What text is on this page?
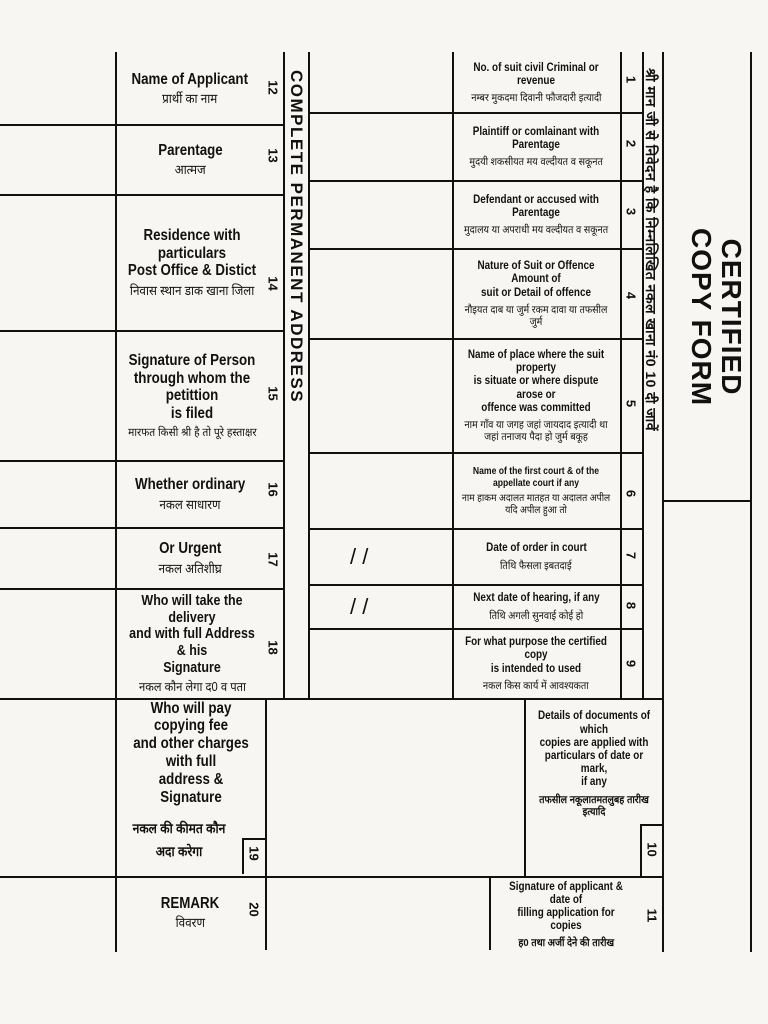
CERTIFIED
COPY FORM
श्री मान जी से निवेदन है कि निम्नलिखित नकल खाना नं0 10 दी जावें
COMPLETE PERMANENT ADDRESS
No. of suit civil Criminal or revenue
नम्बर मुकदमा दिवानी फौजदारी इत्यादी
Plaintiff or comlainant with Parentage
मुदयी शकसीयत मय वल्दीयत व सकूनत
Defendant or accused with Parentage
मुदालय या अपराधी मय वल्दीयत व सकूनत
Nature of Suit or Offence Amount of
suit or Detail of offence
नौइयत दाब या जुर्म रकम दावा या तफसील जुर्म
Name of place where the suit property
is situate or where dispute arose or
offence was committed
नाम गाँव या जगह जहां जायदाद इत्यादी था जहां तनाजय पैदा हो जुर्म बकूह
Name of the first court & of the appellate court if any
नाम हाकम अदालत मातहत या अदालत अपील यदि अपील हुआ तो
Date of order in court
तिथि फैसला इबतदाई
Next date of hearing, if any
तिथि अगली सुनवाई कोई हो
For what purpose the certified copy
is intended to used
नकल किस कार्य में आवश्यकता
1
2
3
4
5
6
7
8
9
/ /
/ /
Name of Applicant
प्रार्थी का नाम
Parentage
आत्मज
Residence with particulars
Post Office & Distict
निवास स्थान डाक खाना जिला
Signature of Person
through whom the petittion
is filed
मारफत किसी श्री है तो पूरे हस्ताक्षर
Whether ordinary
नकल साधारण
Or Urgent
नकल अतिशीघ्र
Who will take the delivery
and with full Address & his
Signature
नकल कौन लेगा द0 व पता
12
13
14
15
16
17
18
Who will pay copying fee
and other charges with full
address & Signature
नकल की कीमत कौन अदा करेगा	19
Details of documents of which
copies are applied with
particulars of date or mark,
if any
तफसील नकूलातमतलुबह तारीख इत्यादि
10
REMARK
विवरण
20
Signature of applicant & date of
filling application for copies
ह0 तथा अर्जी देने की तारीख
11
